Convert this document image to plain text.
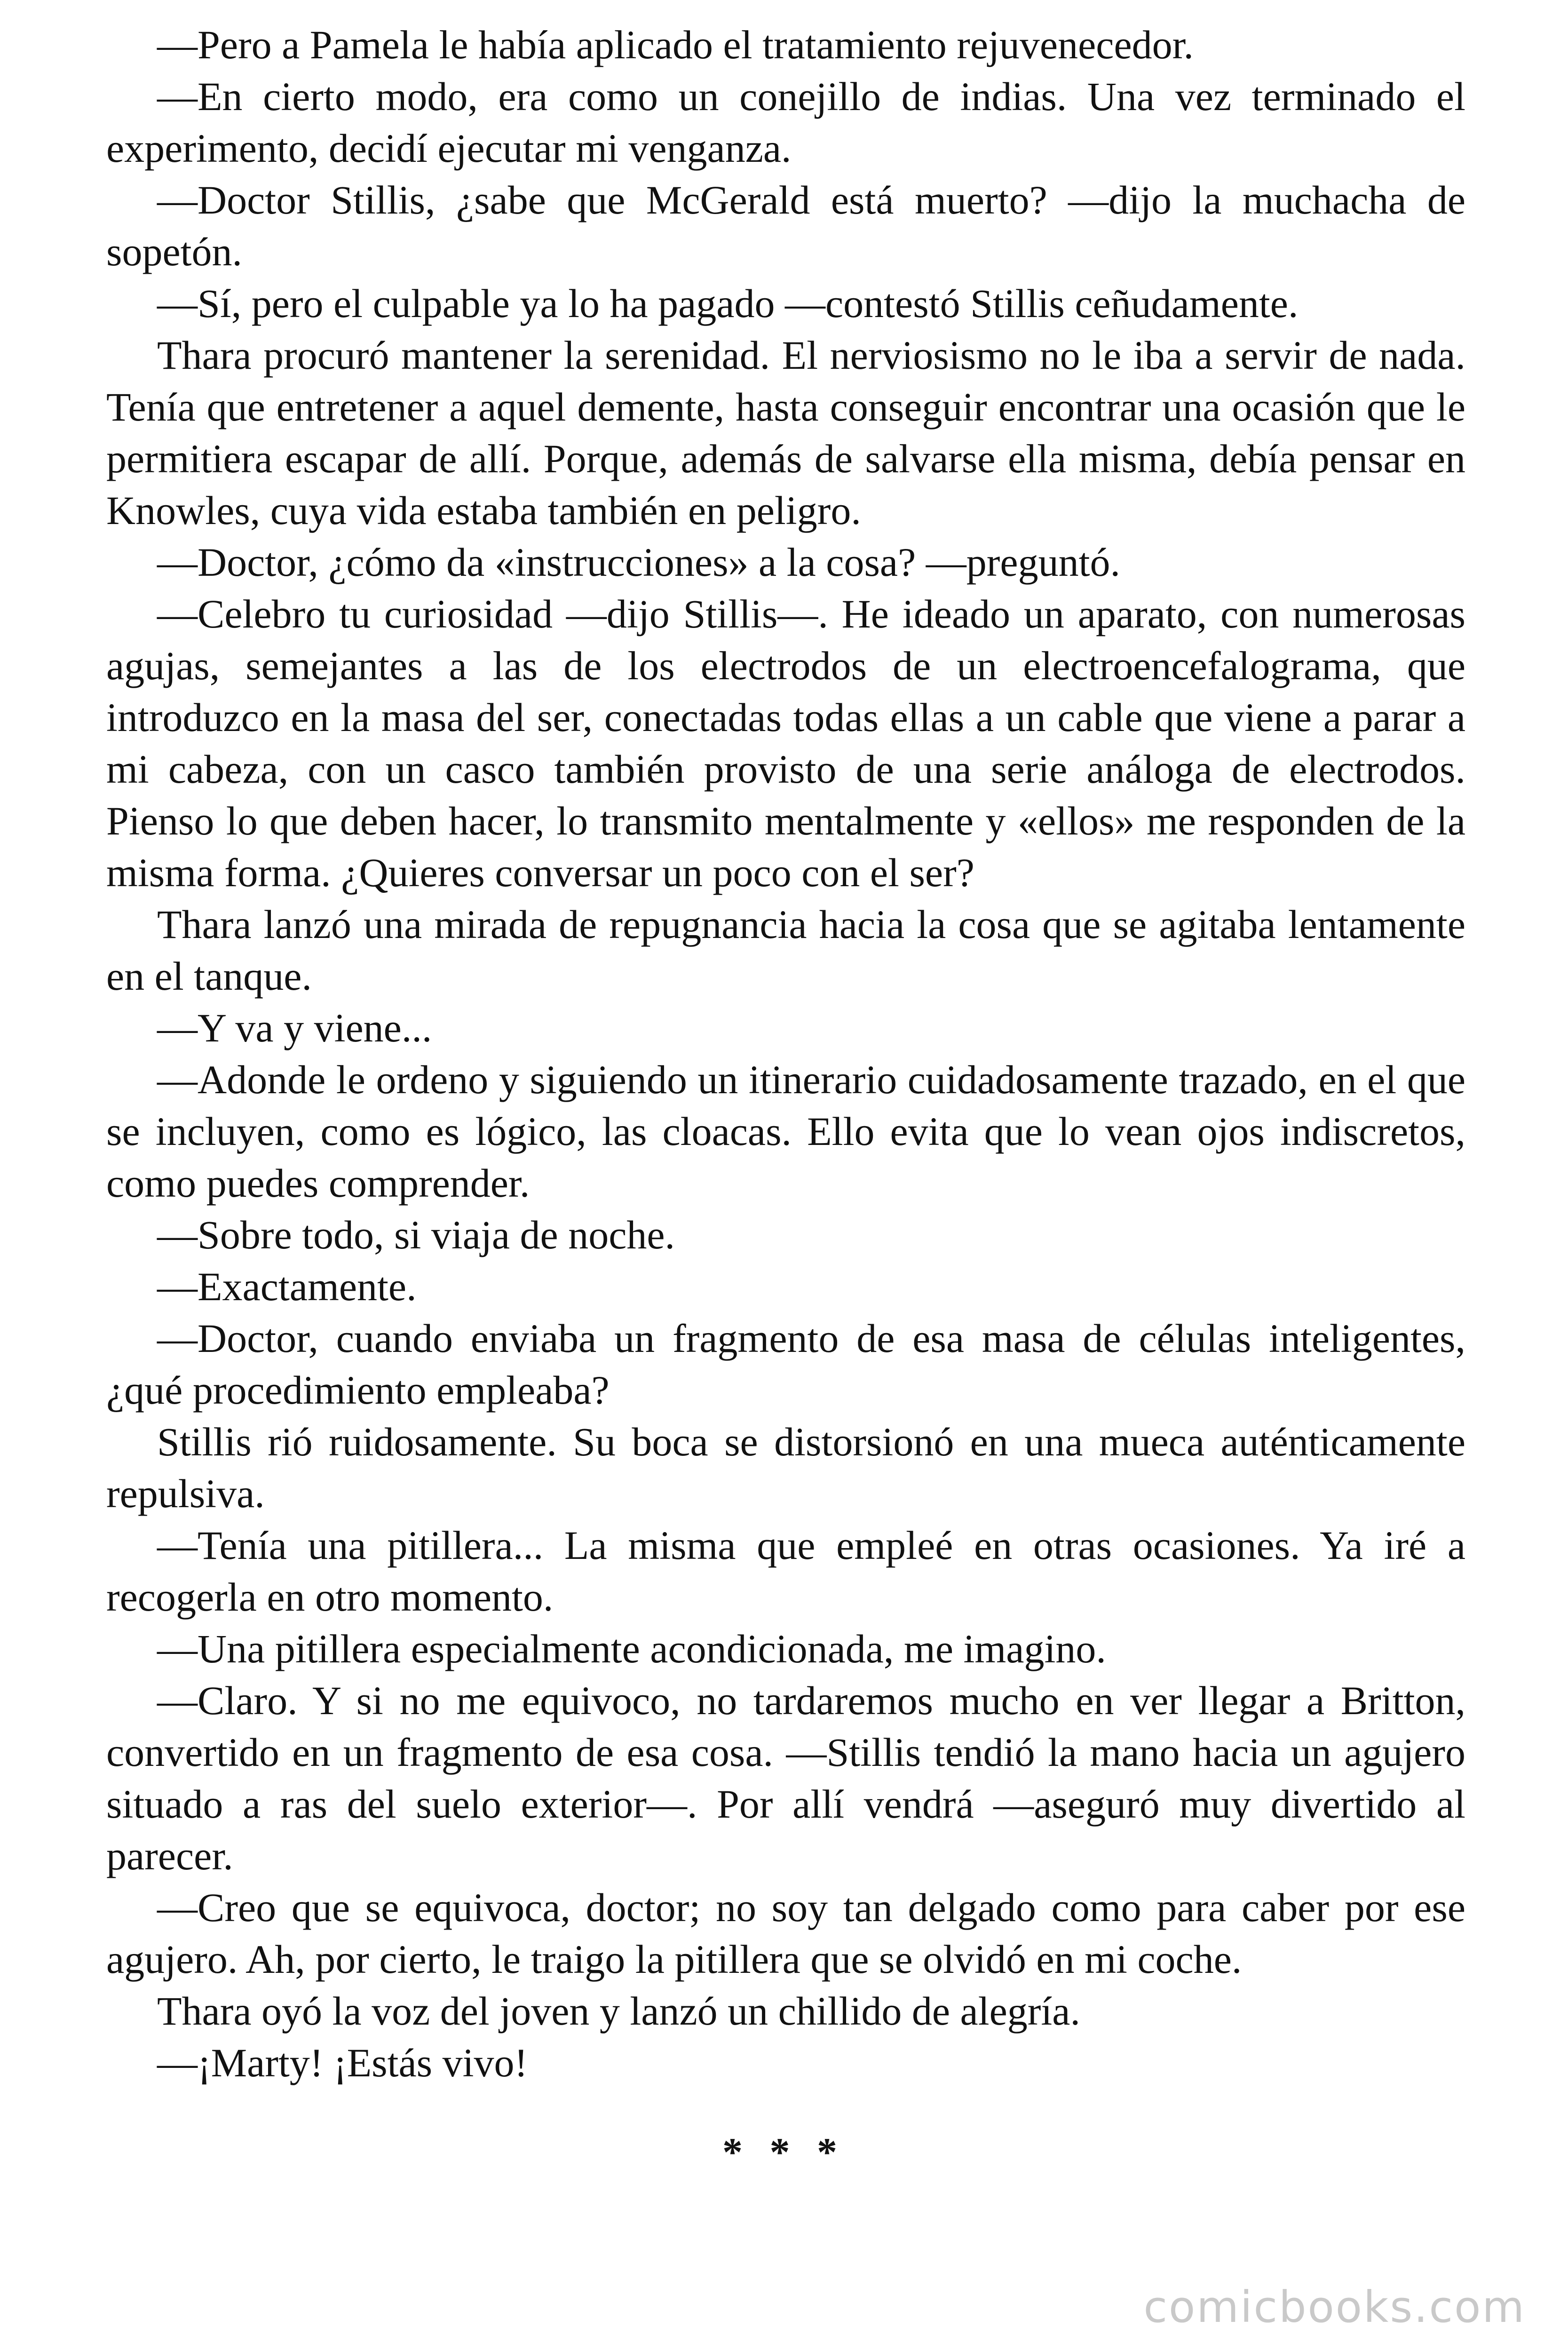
—Pero a Pamela le había aplicado el tratamiento rejuvenecedor.

—En cierto modo, era como un conejillo de indias. Una vez terminado el experimento, decidí ejecutar mi venganza.

—Doctor Stillis, ¿sabe que McGerald está muerto? —dijo la muchacha de sopetón.

—Sí, pero el culpable ya lo ha pagado —contestó Stillis ceñudamente.

Thara procuró mantener la serenidad. El nerviosismo no le iba a servir de nada. Tenía que entretener a aquel demente, hasta conseguir encontrar una ocasión que le permitiera escapar de allí. Porque, además de salvarse ella misma, debía pensar en Knowles, cuya vida estaba también en peligro.

—Doctor, ¿cómo da «instrucciones» a la cosa? —preguntó.

—Celebro tu curiosidad —dijo Stillis—. He ideado un aparato, con numerosas agujas, semejantes a las de los electrodos de un electroencefalograma, que introduzco en la masa del ser, conectadas todas ellas a un cable que viene a parar a mi cabeza, con un casco también provisto de una serie análoga de electrodos. Pienso lo que deben hacer, lo transmito mentalmente y «ellos» me responden de la misma forma. ¿Quieres conversar un poco con el ser?

Thara lanzó una mirada de repugnancia hacia la cosa que se agitaba lentamente en el tanque.

—Y va y viene...

—Adonde le ordeno y siguiendo un itinerario cuidadosamente trazado, en el que se incluyen, como es lógico, las cloacas. Ello evita que lo vean ojos indiscretos, como puedes comprender.

—Sobre todo, si viaja de noche.

—Exactamente.

—Doctor, cuando enviaba un fragmento de esa masa de células inteligentes, ¿qué procedimiento empleaba?

Stillis rió ruidosamente. Su boca se distorsionó en una mueca auténticamente repulsiva.

—Tenía una pitillera... La misma que empleé en otras ocasiones. Ya iré a recogerla en otro momento.

—Una pitillera especialmente acondicionada, me imagino.

—Claro. Y si no me equivoco, no tardaremos mucho en ver llegar a Britton, convertido en un fragmento de esa cosa. —Stillis tendió la mano hacia un agujero situado a ras del suelo exterior—. Por allí vendrá —aseguró muy divertido al parecer.

—Creo que se equivoca, doctor; no soy tan delgado como para caber por ese agujero. Ah, por cierto, le traigo la pitillera que se olvidó en mi coche.

Thara oyó la voz del joven y lanzó un chillido de alegría.

—¡Marty! ¡Estás vivo!

* * *
comicbooks.com
